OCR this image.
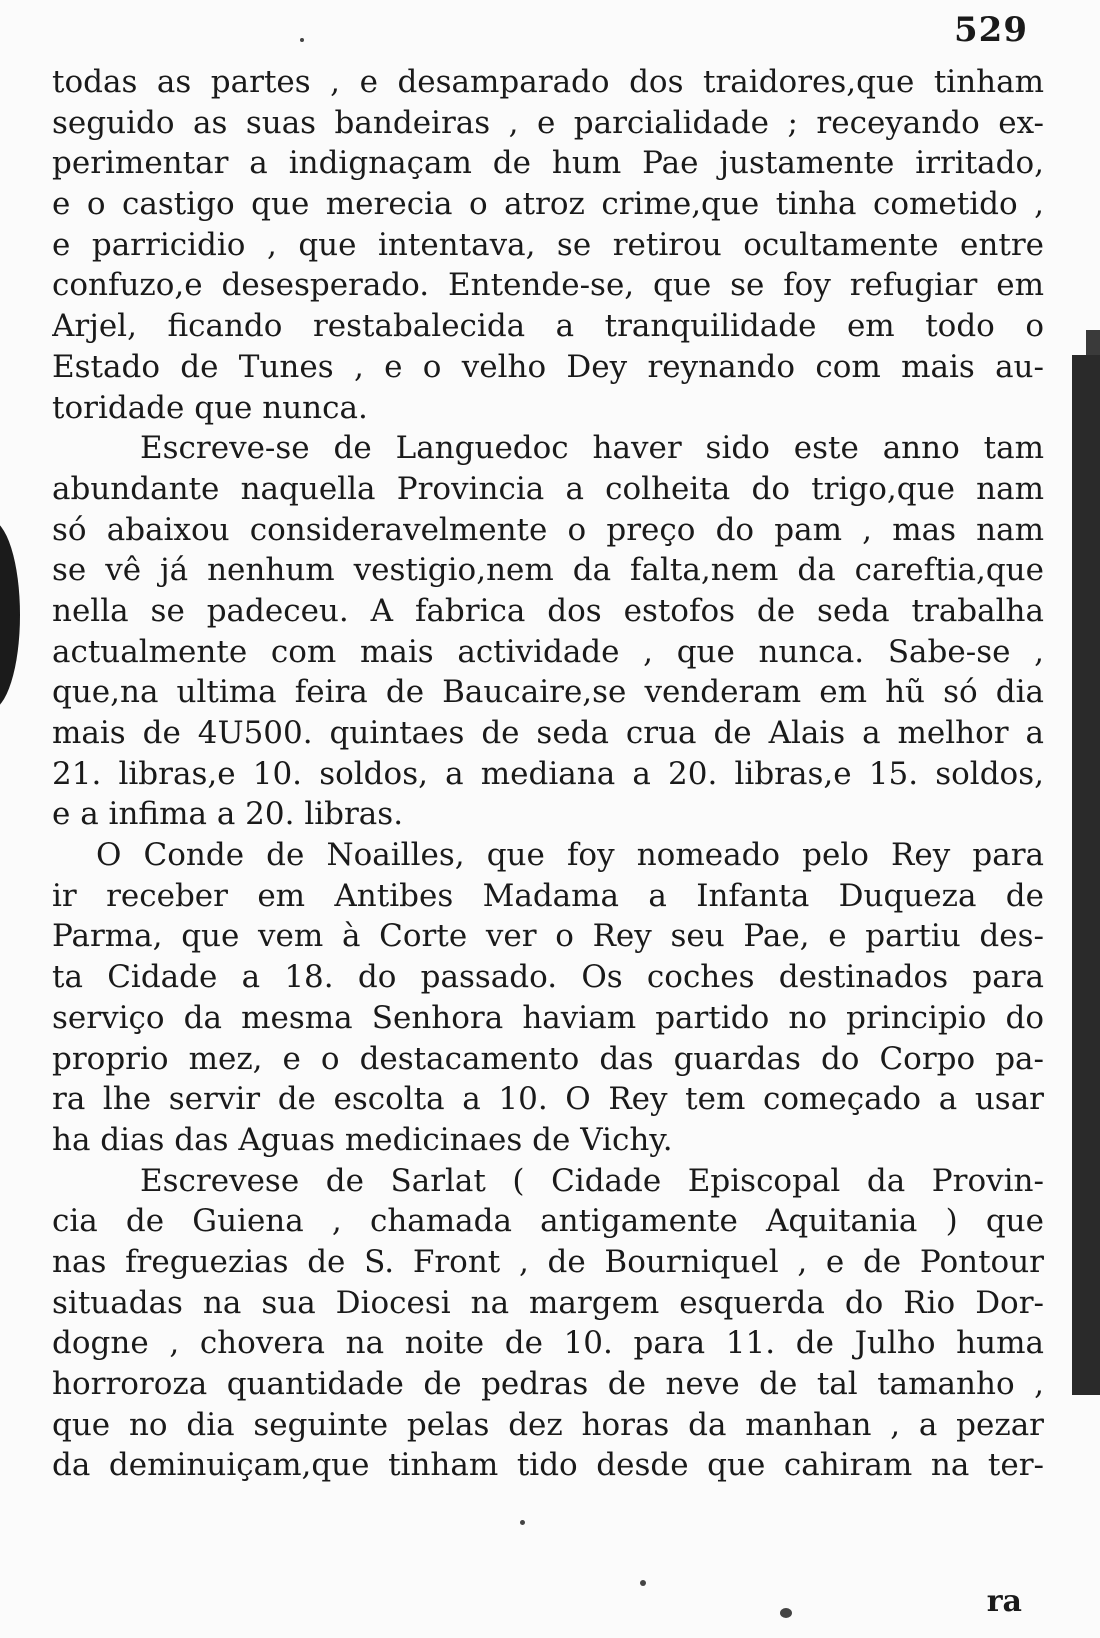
529
todas as partes , e desamparado dos traidores,que tinham
seguido as suas bandeiras , e parcialidade ; receyando ex-
perimentar a indignaçam de hum Pae justamente irritado,
e o castigo que merecia o atroz crime,que tinha cometido ,
e parricidio , que intentava, se retirou ocultamente entre
confuzo,e desesperado. Entende-se, que se foy refugiar em
Arjel, ficando restabalecida a tranquilidade em todo o
Estado de Tunes , e o velho Dey reynando com mais au-
toridade que nunca.
Escreve-se de Languedoc haver sido este anno tam
abundante naquella Provincia a colheita do trigo,que nam
só abaixou consideravelmente o preço do pam , mas nam
se vê já nenhum vestigio,nem da falta,nem da careftia,que
nella se padeceu. A fabrica dos estofos de seda trabalha
actualmente com mais actividade , que nunca. Sabe-se ,
que,na ultima feira de Baucaire,se venderam em hũ só dia
mais de 4U500. quintaes de seda crua de Alais a melhor a
21. libras,e 10. soldos, a mediana a 20. libras,e 15. soldos,
e a infima a 20. libras.
O Conde de Noailles, que foy nomeado pelo Rey para
ir receber em Antibes Madama a Infanta Duqueza de
Parma, que vem à Corte ver o Rey seu Pae, e partiu des-
ta Cidade a 18. do passado. Os coches destinados para
serviço da mesma Senhora haviam partido no principio do
proprio mez, e o destacamento das guardas do Corpo pa-
ra lhe servir de escolta a 10. O Rey tem começado a usar
ha dias das Aguas medicinaes de Vichy.
Escrevese de Sarlat ( Cidade Episcopal da Provin-
cia de Guiena , chamada antigamente Aquitania ) que
nas freguezias de S. Front , de Bourniquel , e de Pontour
situadas na sua Diocesi na margem esquerda do Rio Dor-
dogne , chovera na noite de 10. para 11. de Julho huma
horroroza quantidade de pedras de neve de tal tamanho ,
que no dia seguinte pelas dez horas da manhan , a pezar
da deminuiçam,que tinham tido desde que cahiram na ter-
ra
